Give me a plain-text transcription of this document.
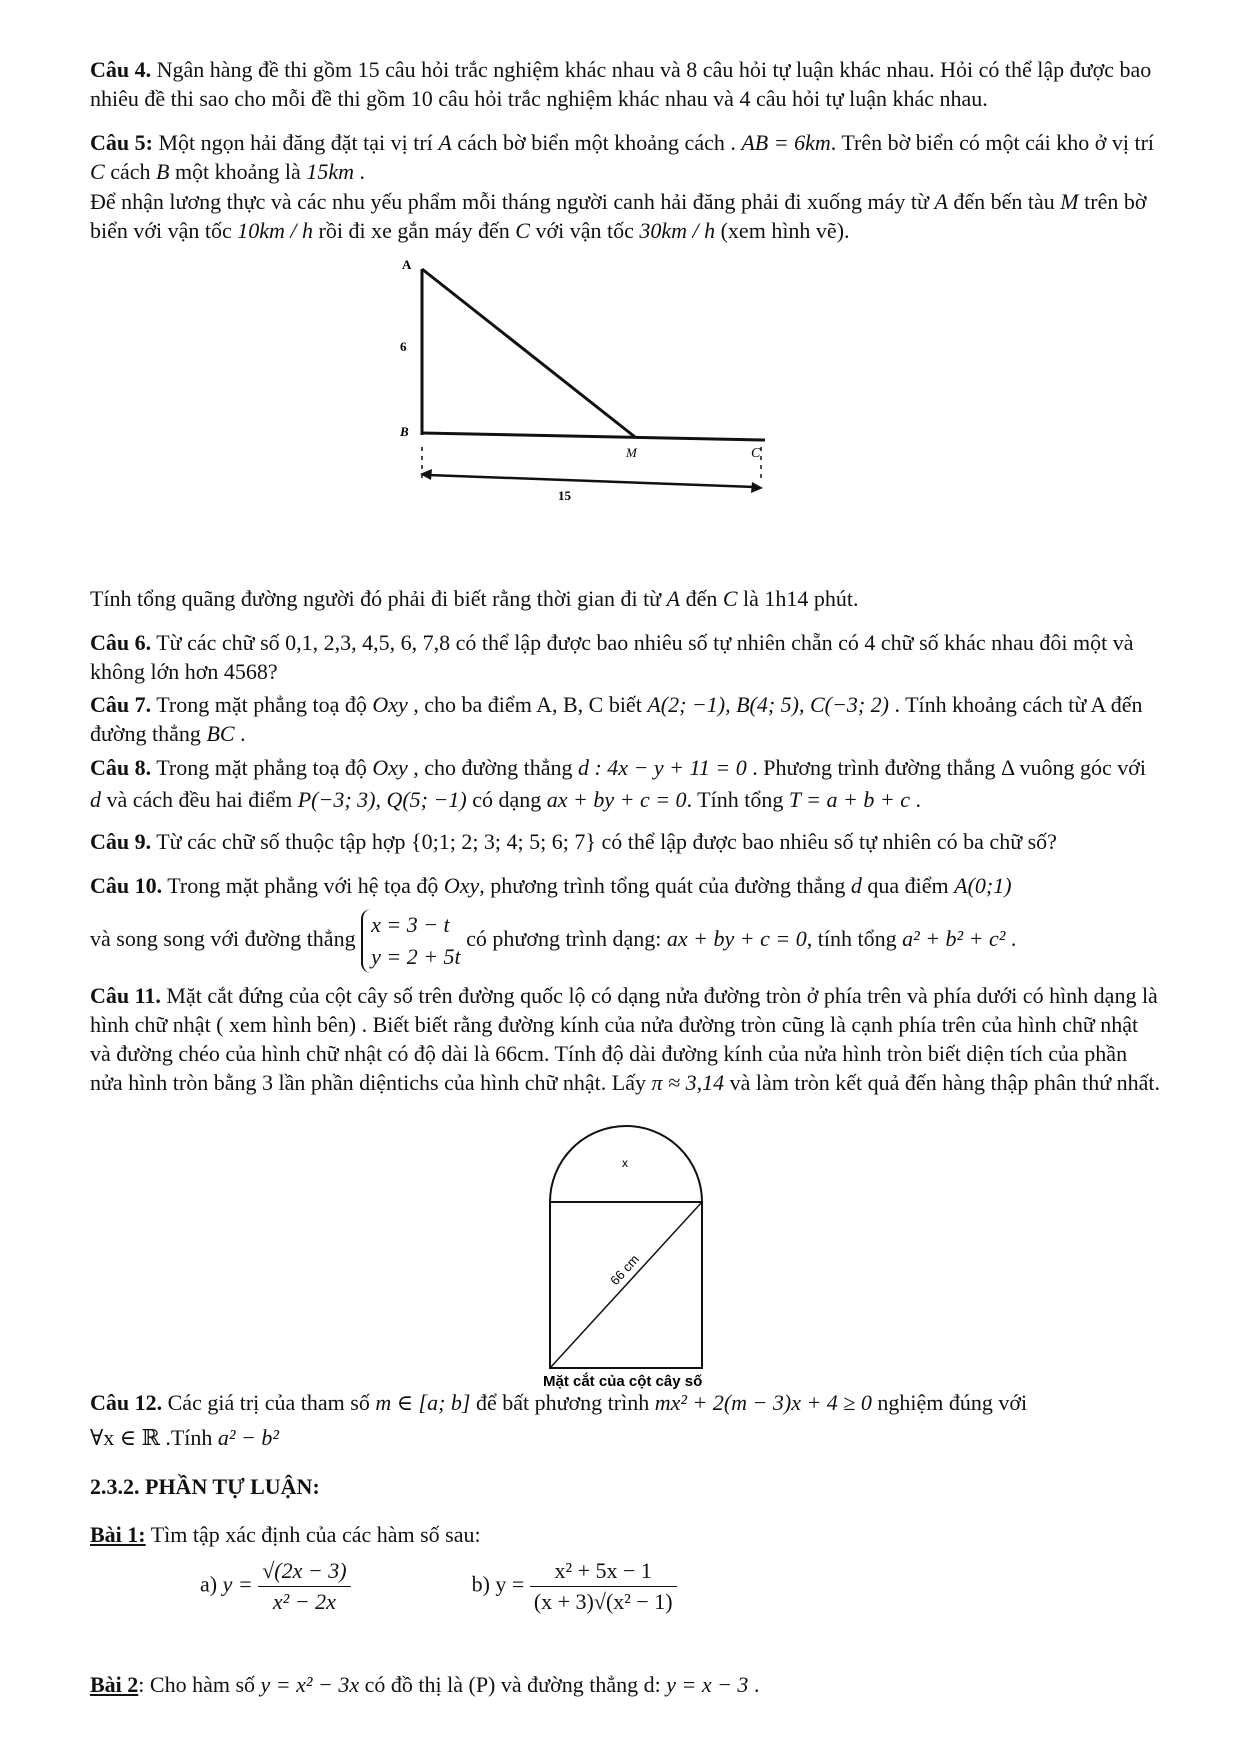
Câu 4. Ngân hàng đề thi gồm 15 câu hỏi trắc nghiệm khác nhau và 8 câu hỏi tự luận khác nhau. Hỏi có thể lập được bao nhiêu đề thi sao cho mỗi đề thi gồm 10 câu hỏi trắc nghiệm khác nhau và 4 câu hỏi tự luận khác nhau.

Câu 5: Một ngọn hải đăng đặt tại vị trí A cách bờ biển một khoảng cách . AB = 6km. Trên bờ biển có một cái kho ở vị trí C cách B một khoảng là 15km .

Để nhận lương thực và các nhu yếu phẩm mỗi tháng người canh hải đăng phải đi xuống máy từ A đến bến tàu M trên bờ biển với vận tốc 10km / h rồi đi xe gắn máy đến C với vận tốc 30km / h (xem hình vẽ).

A
6
B
M	C
15

Tính tổng quãng đường người đó phải đi biết rằng thời gian đi từ A đến C là 1h14 phút.

Câu 6. Từ các chữ số 0,1, 2,3, 4,5, 6, 7,8 có thể lập được bao nhiêu số tự nhiên chẵn có 4 chữ số khác nhau đôi một và không lớn hơn 4568?

Câu 7. Trong mặt phẳng toạ độ Oxy , cho ba điểm A, B, C biết A(2; −1), B(4; 5), C(−3; 2) . Tính khoảng cách từ A đến đường thẳng BC .

Câu 8. Trong mặt phẳng toạ độ Oxy , cho đường thẳng d : 4x − y + 11 = 0 . Phương trình đường thẳng Δ vuông góc với d và cách đều hai điểm P(−3; 3), Q(5; −1) có dạng ax + by + c = 0. Tính tổng T = a + b + c .

Câu 9. Từ các chữ số thuộc tập hợp {0;1; 2; 3; 4; 5; 6; 7} có thể lập được bao nhiêu số tự nhiên có ba chữ số?

Câu 10. Trong mặt phẳng với hệ tọa độ Oxy, phương trình tổng quát của đường thẳng d qua điểm A(0;1)

và song song với đường thẳng
x = 3 − t
y = 2 + 5t
có phương trình dạng: ax + by + c = 0, tính tổng a² + b² + c² .

Câu 11. Mặt cắt đứng của cột cây số trên đường quốc lộ có dạng nửa đường tròn ở phía trên và phía dưới có hình dạng là hình chữ nhật ( xem hình bên) . Biết biết rằng đường kính của nửa đường tròn cũng là cạnh phía trên của hình chữ nhật và đường chéo của hình chữ nhật có độ dài là 66cm. Tính độ dài đường kính của nửa hình tròn biết diện tích của phần nửa hình tròn bằng 3 lần phần diệntichs của hình chữ nhật. Lấy π ≈ 3,14 và làm tròn kết quả đến hàng thập phân thứ nhất.

x
66 cm
Mặt cắt của cột cây số

Câu 12. Các giá trị của tham số m ∈ [a; b] để bất phương trình mx² + 2(m − 3)x + 4 ≥ 0 nghiệm đúng với

∀x ∈ ℝ .Tính a² − b²

2.3.2. PHẦN TỰ LUẬN:

Bài 1: Tìm tập xác định của các hàm số sau:

a) $y = \frac{√(2x - 3)}{\text{x² − 2x}}$	b) $y = \frac{\text{x² + 5x − 1}}{\text{(x + 3)√(x² − 1)}}$

Bài 2: Cho hàm số y = x² − 3x có đồ thị là (P) và đường thẳng d: y = x − 3 .
